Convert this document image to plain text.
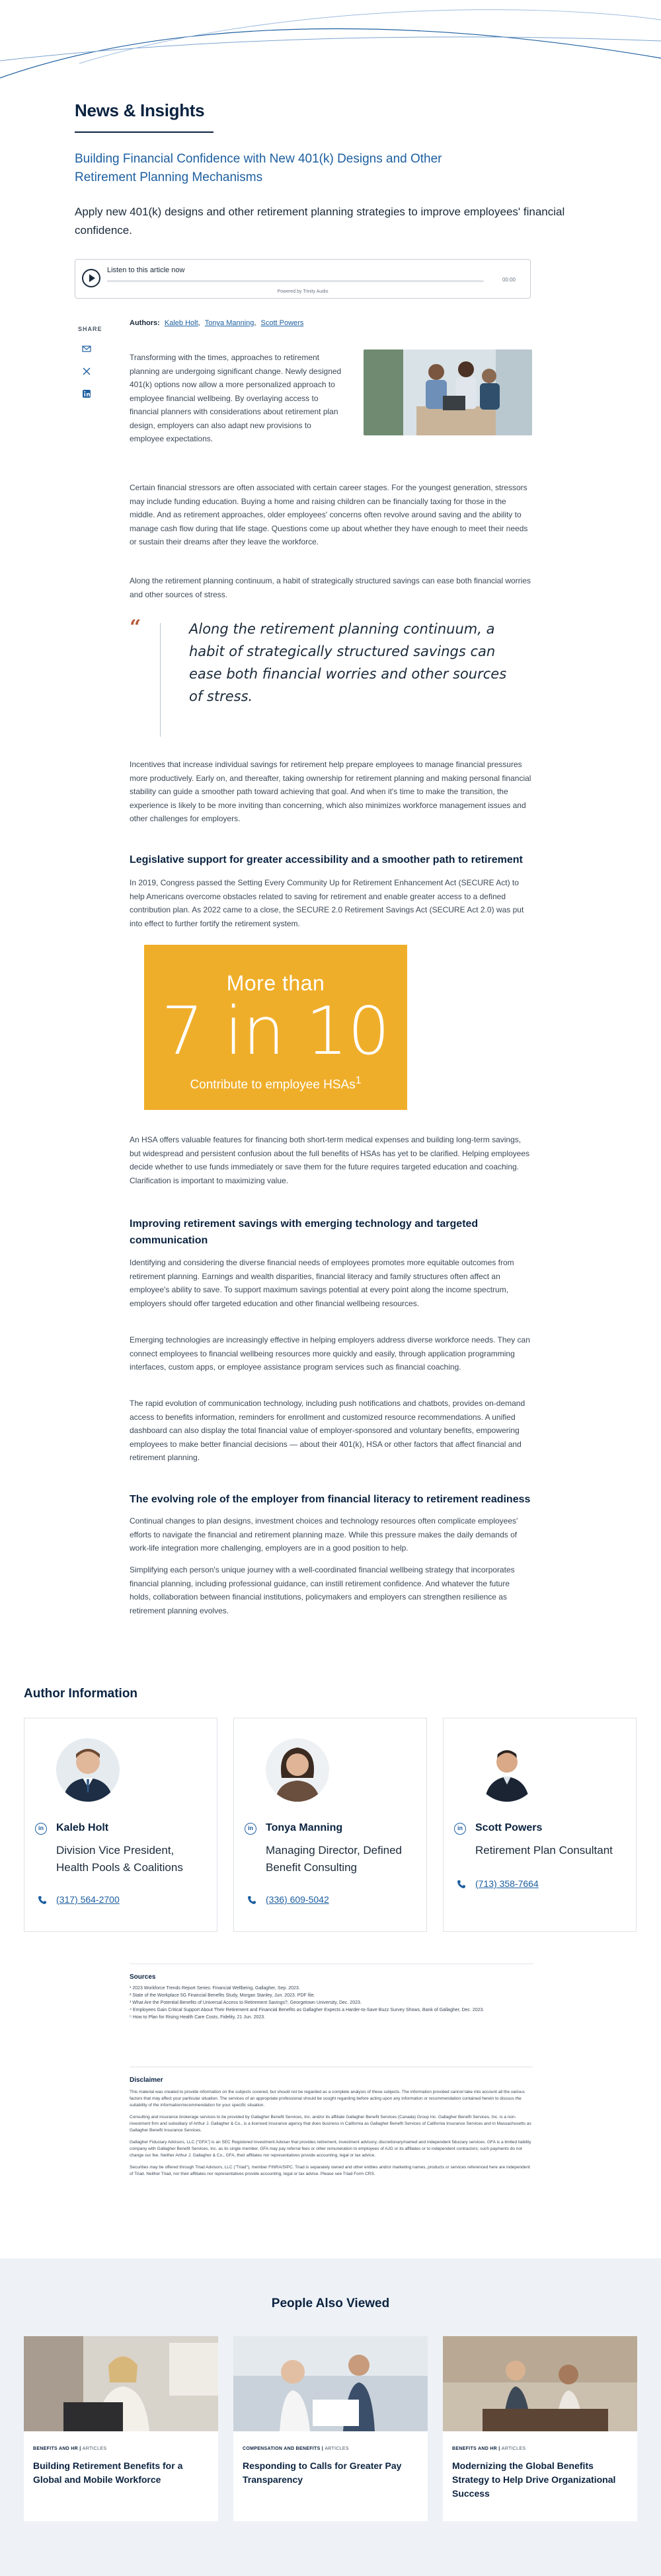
News & Insights
Building Financial Confidence with New 401(k) Designs and Other Retirement Planning Mechanisms

Apply new 401(k) designs and other retirement planning strategies to improve employees' financial confidence.

Listen to this article now
00:00
Powered by Trinity Audio
SHARE
Authors: Kaleb Holt, Tonya Manning, Scott Powers

Transforming with the times, approaches to retirement planning are undergoing significant change. Newly designed 401(k) options now allow a more personalized approach to employee financial wellbeing. By overlaying access to financial planners with considerations about retirement plan design, employers can also adapt new provisions to employee expectations.

Certain financial stressors are often associated with certain career stages. For the youngest generation, stressors may include funding education. Buying a home and raising children can be financially taxing for those in the middle. And as retirement approaches, older employees' concerns often revolve around saving and the ability to manage cash flow during that life stage. Questions come up about whether they have enough to meet their needs or sustain their dreams after they leave the workforce.

Along the retirement planning continuum, a habit of strategically structured savings can ease both financial worries and other sources of stress.

“	Along the retirement planning continuum, a habit of strategically structured savings can ease both financial worries and other sources of stress.

Incentives that increase individual savings for retirement help prepare employees to manage financial pressures more productively. Early on, and thereafter, taking ownership for retirement planning and making personal financial stability can guide a smoother path toward achieving that goal. And when it's time to make the transition, the experience is likely to be more inviting than concerning, which also minimizes workforce management issues and other challenges for employers.

Legislative support for greater accessibility and a smoother path to retirement

In 2019, Congress passed the Setting Every Community Up for Retirement Enhancement Act (SECURE Act) to help Americans overcome obstacles related to saving for retirement and enable greater access to a defined contribution plan. As 2022 came to a close, the SECURE 2.0 Retirement Savings Act (SECURE Act 2.0) was put into effect to further fortify the retirement system.

An HSA offers valuable features for financing both short-term medical expenses and building long-term savings, but widespread and persistent confusion about the full benefits of HSAs has yet to be clarified. Helping employees decide whether to use funds immediately or save them for the future requires targeted education and coaching. Clarification is important to maximizing value.

Improving retirement savings with emerging technology and targeted communication

Identifying and considering the diverse financial needs of employees promotes more equitable outcomes from retirement planning. Earnings and wealth disparities, financial literacy and family structures often affect an employee's ability to save. To support maximum savings potential at every point along the income spectrum, employers should offer targeted education and other financial wellbeing resources.

Emerging technologies are increasingly effective in helping employers address diverse workforce needs. They can connect employees to financial wellbeing resources more quickly and easily, through application programming interfaces, custom apps, or employee assistance program services such as financial coaching.

The rapid evolution of communication technology, including push notifications and chatbots, provides on-demand access to benefits information, reminders for enrollment and customized resource recommendations. A unified dashboard can also display the total financial value of employer-sponsored and voluntary benefits, empowering employees to make better financial decisions — about their 401(k), HSA or other factors that affect financial and retirement planning.

The evolving role of the employer from financial literacy to retirement readiness

Continual changes to plan designs, investment choices and technology resources often complicate employees' efforts to navigate the financial and retirement planning maze. While this pressure makes the daily demands of work-life integration more challenging, employers are in a good position to help.

Simplifying each person's unique journey with a well-coordinated financial wellbeing strategy that incorporates financial planning, including professional guidance, can instill retirement confidence. And whatever the future holds, collaboration between financial institutions, policymakers and employers can strengthen resilience as retirement planning evolves.

More than
7 in 10
Contribute to employee HSAs$^1$
Author Information
in	Kaleb Holt
Division Vice President, Health Pools & Coalitions
(317) 564-2700
in	Tonya Manning
Managing Director, Defined Benefit Consulting
(336) 609-5042
in	Scott Powers
Retirement Plan Consultant
(713) 358-7664
Sources
¹ 2023 Workforce Trends Report Series: Financial Wellbeing, Gallagher, Sep. 2023.
² State of the Workplace 5G Financial Benefits Study, Morgan Stanley, Jun. 2023. PDF file.
³ What Are the Potential Benefits of Universal Access to Retirement Savings?, Georgetown University, Dec. 2023.
⁴ Employees Gain Critical Support About Their Retirement and Financial Benefits as Gallagher Expects a Harder-to-Save Buzz Survey Shows, Bank of Gallagher, Dec. 2023.
⁵ How to Plan for Rising Health Care Costs, Fidelity, 21 Jun. 2023.
Disclaimer

This material was created to provide information on the subjects covered, but should not be regarded as a complete analysis of these subjects. The information provided cannot take into account all the various factors that may affect your particular situation. The services of an appropriate professional should be sought regarding before acting upon any information or recommendation contained herein to discuss the suitability of the information/recommendation for your specific situation.

Consulting and insurance brokerage services to be provided by Gallagher Benefit Services, Inc. and/or its affiliate Gallagher Benefit Services (Canada) Group Inc. Gallagher Benefit Services, Inc. is a non-investment firm and subsidiary of Arthur J. Gallagher & Co., is a licensed insurance agency that does business in California as Gallagher Benefit Services of California Insurance Services and in Massachusetts as Gallagher Benefit Insurance Services.

Gallagher Fiduciary Advisors, LLC ("GFA") is an SEC Registered Investment Adviser that provides retirement, investment advisory, discretionary/named and independent fiduciary services. GFA is a limited liability company with Gallagher Benefit Services, Inc. as its single member. GFA may pay referral fees or other remuneration to employees of AJG or its affiliates or to independent contractors; such payments do not change our fee. Neither Arthur J. Gallagher & Co., GFA, their affiliates nor representatives provide accounting, legal or tax advice.

Securities may be offered through Triad Advisors, LLC ("Triad"), member FINRA/SIPC. Triad is separately owned and other entities and/or marketing names, products or services referenced here are independent of Triad. Neither Triad, nor their affiliates nor representatives provide accounting, legal or tax advice. Please see Triad Form CRS.

People Also Viewed
BENEFITS AND HR | ARTICLES
Building Retirement Benefits for a Global and Mobile Workforce
COMPENSATION AND BENEFITS | ARTICLES
Responding to Calls for Greater Pay Transparency
BENEFITS AND HR | ARTICLES
Modernizing the Global Benefits Strategy to Help Drive Organizational Success
